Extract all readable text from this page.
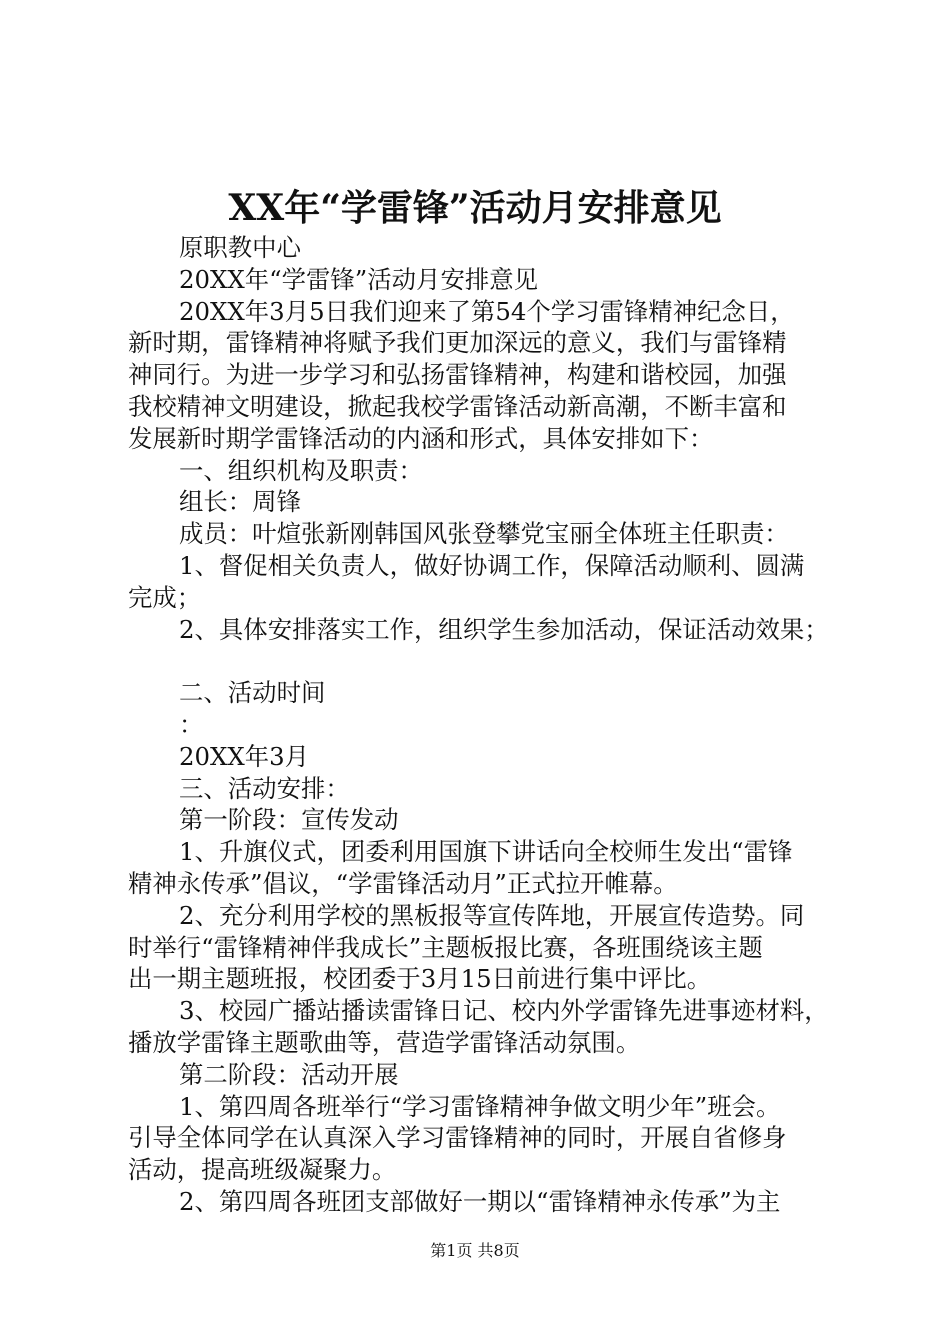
XX年“学雷锋”活动月安排意见
原职教中心
20XX年“学雷锋”活动月安排意见
20XX年3月5日我们迎来了第54个学习雷锋精神纪念日，
新时期，雷锋精神将赋予我们更加深远的意义，我们与雷锋精
神同行。为进一步学习和弘扬雷锋精神，构建和谐校园，加强
我校精神文明建设，掀起我校学雷锋活动新高潮，不断丰富和
发展新时期学雷锋活动的内涵和形式，具体安排如下：
一、组织机构及职责：
组长：周锋
成员：叶煊张新刚韩国风张登攀党宝丽全体班主任职责：
1、督促相关负责人，做好协调工作，保障活动顺利、圆满
完成；
2、具体安排落实工作，组织学生参加活动，保证活动效果；
二、活动时间
：
20XX年3月
三、活动安排：
第一阶段：宣传发动
1、升旗仪式，团委利用国旗下讲话向全校师生发出“雷锋
精神永传承”倡议，“学雷锋活动月”正式拉开帷幕。
2、充分利用学校的黑板报等宣传阵地，开展宣传造势。同
时举行“雷锋精神伴我成长”主题板报比赛，各班围绕该主题
出一期主题班报，校团委于3月15日前进行集中评比。
3、校园广播站播读雷锋日记、校内外学雷锋先进事迹材料，
播放学雷锋主题歌曲等，营造学雷锋活动氛围。
第二阶段：活动开展
1、第四周各班举行“学习雷锋精神争做文明少年”班会。
引导全体同学在认真深入学习雷锋精神的同时，开展自省修身
活动，提高班级凝聚力。
2、第四周各班团支部做好一期以“雷锋精神永传承”为主
第1页 共8页
